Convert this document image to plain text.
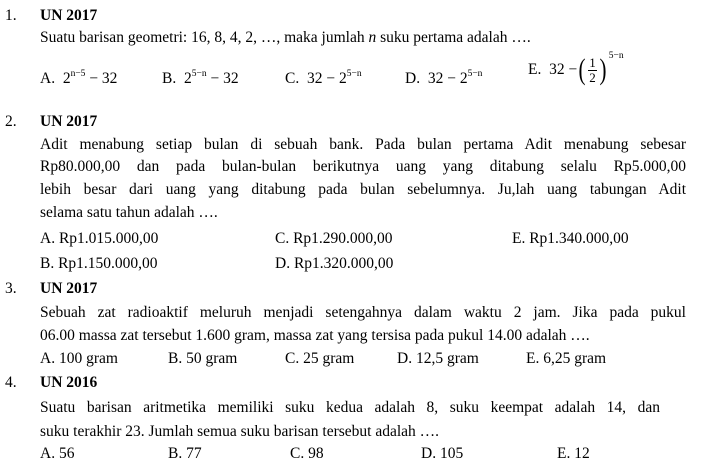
1. UN 2017
Suatu barisan geometri: 16, 8, 4, 2, …, maka jumlah n suku pertama adalah ….
A. $2^{n-5} - 32$	B. $2^{5-n} - 32$	C. $32 - 2^{5-n}$	D. $32 - 2^{5-n}$	E. 32 −( $\frac{1}{2}$ ) $^{5-n}$
2. UN 2017
Adit menabung setiap bulan di sebuah bank. Pada bulan pertama Adit menabung sebesar
Rp80.000,00 dan pada bulan-bulan berikutnya uang yang ditabung selalu Rp5.000,00
lebih besar dari uang yang ditabung pada bulan sebelumnya. Ju,lah uang tabungan Adit
selama satu tahun adalah ….
A. Rp1.015.000,00	C. Rp1.290.000,00	E. Rp1.340.000,00
B. Rp1.150.000,00	D. Rp1.320.000,00
3. UN 2017
Sebuah zat radioaktif meluruh menjadi setengahnya dalam waktu 2 jam. Jika pada pukul
06.00 massa zat tersebut 1.600 gram, massa zat yang tersisa pada pukul 14.00 adalah ….
A. 100 gram	B. 50 gram	C. 25 gram	D. 12,5 gram	E. 6,25 gram
4. UN 2016
Suatu barisan aritmetika memiliki suku kedua adalah 8, suku keempat adalah 14, dan
suku terakhir 23. Jumlah semua suku barisan tersebut adalah ….
A. 56	B. 77	C. 98	D. 105	E. 12
